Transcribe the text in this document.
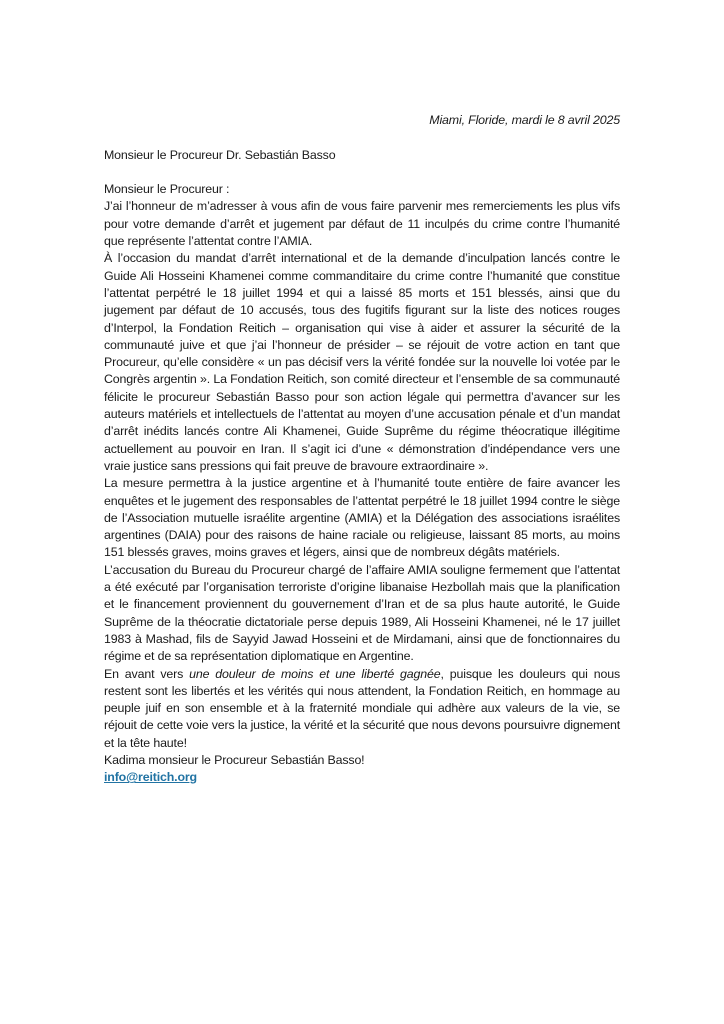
Miami, Floride, mardi le 8 avril 2025
Monsieur le Procureur Dr. Sebastián Basso
Monsieur le Procureur :

J’ai l’honneur de m’adresser à vous afin de vous faire parvenir mes remerciements les plus vifs pour votre demande d’arrêt et jugement par défaut de 11 inculpés du crime contre l’humanité que représente l’attentat contre l’AMIA.

À l’occasion du mandat d’arrêt international et de la demande d’inculpation lancés contre le Guide Ali Hosseini Khamenei comme commanditaire du crime contre l’humanité que constitue l’attentat perpétré le 18 juillet 1994 et qui a laissé 85 morts et 151 blessés, ainsi que du jugement par défaut de 10 accusés, tous des fugitifs figurant sur la liste des notices rouges d’Interpol, la Fondation Reitich – organisation qui vise à aider et assurer la sécurité de la communauté juive et que j’ai l’honneur de présider – se réjouit de votre action en tant que Procureur, qu’elle considère « un pas décisif vers la vérité fondée sur la nouvelle loi votée par le Congrès argentin ». La Fondation Reitich, son comité directeur et l’ensemble de sa communauté félicite le procureur Sebastián Basso pour son action légale qui permettra d’avancer sur les auteurs matériels et intellectuels de l’attentat au moyen d’une accusation pénale et d’un mandat d’arrêt inédits lancés contre Ali Khamenei, Guide Suprême du régime théocratique illégitime actuellement au pouvoir en Iran. Il s’agit ici d’une « démonstration d’indépendance vers une vraie justice sans pressions qui fait preuve de bravoure extraordinaire ».

La mesure permettra à la justice argentine et à l’humanité toute entière de faire avancer les enquêtes et le jugement des responsables de l’attentat perpétré le 18 juillet 1994 contre le siège de l’Association mutuelle israélite argentine (AMIA) et la Délégation des associations israélites argentines (DAIA) pour des raisons de haine raciale ou religieuse, laissant 85 morts, au moins 151 blessés graves, moins graves et légers, ainsi que de nombreux dégâts matériels.

L’accusation du Bureau du Procureur chargé de l’affaire AMIA souligne fermement que l’attentat a été exécuté par l’organisation terroriste d’origine libanaise Hezbollah mais que la planification et le financement proviennent du gouvernement d’Iran et de sa plus haute autorité, le Guide Suprême de la théocratie dictatoriale perse depuis 1989, Ali Hosseini Khamenei, né le 17 juillet 1983 à Mashad, fils de Sayyid Jawad Hosseini et de Mirdamani, ainsi que de fonctionnaires du régime et de sa représentation diplomatique en Argentine.

En avant vers une douleur de moins et une liberté gagnée, puisque les douleurs qui nous restent sont les libertés et les vérités qui nous attendent, la Fondation Reitich, en hommage au peuple juif en son ensemble et à la fraternité mondiale qui adhère aux valeurs de la vie, se réjouit de cette voie vers la justice, la vérité et la sécurité que nous devons poursuivre dignement et la tête haute!

Kadima monsieur le Procureur Sebastián Basso!
info@reitich.org
